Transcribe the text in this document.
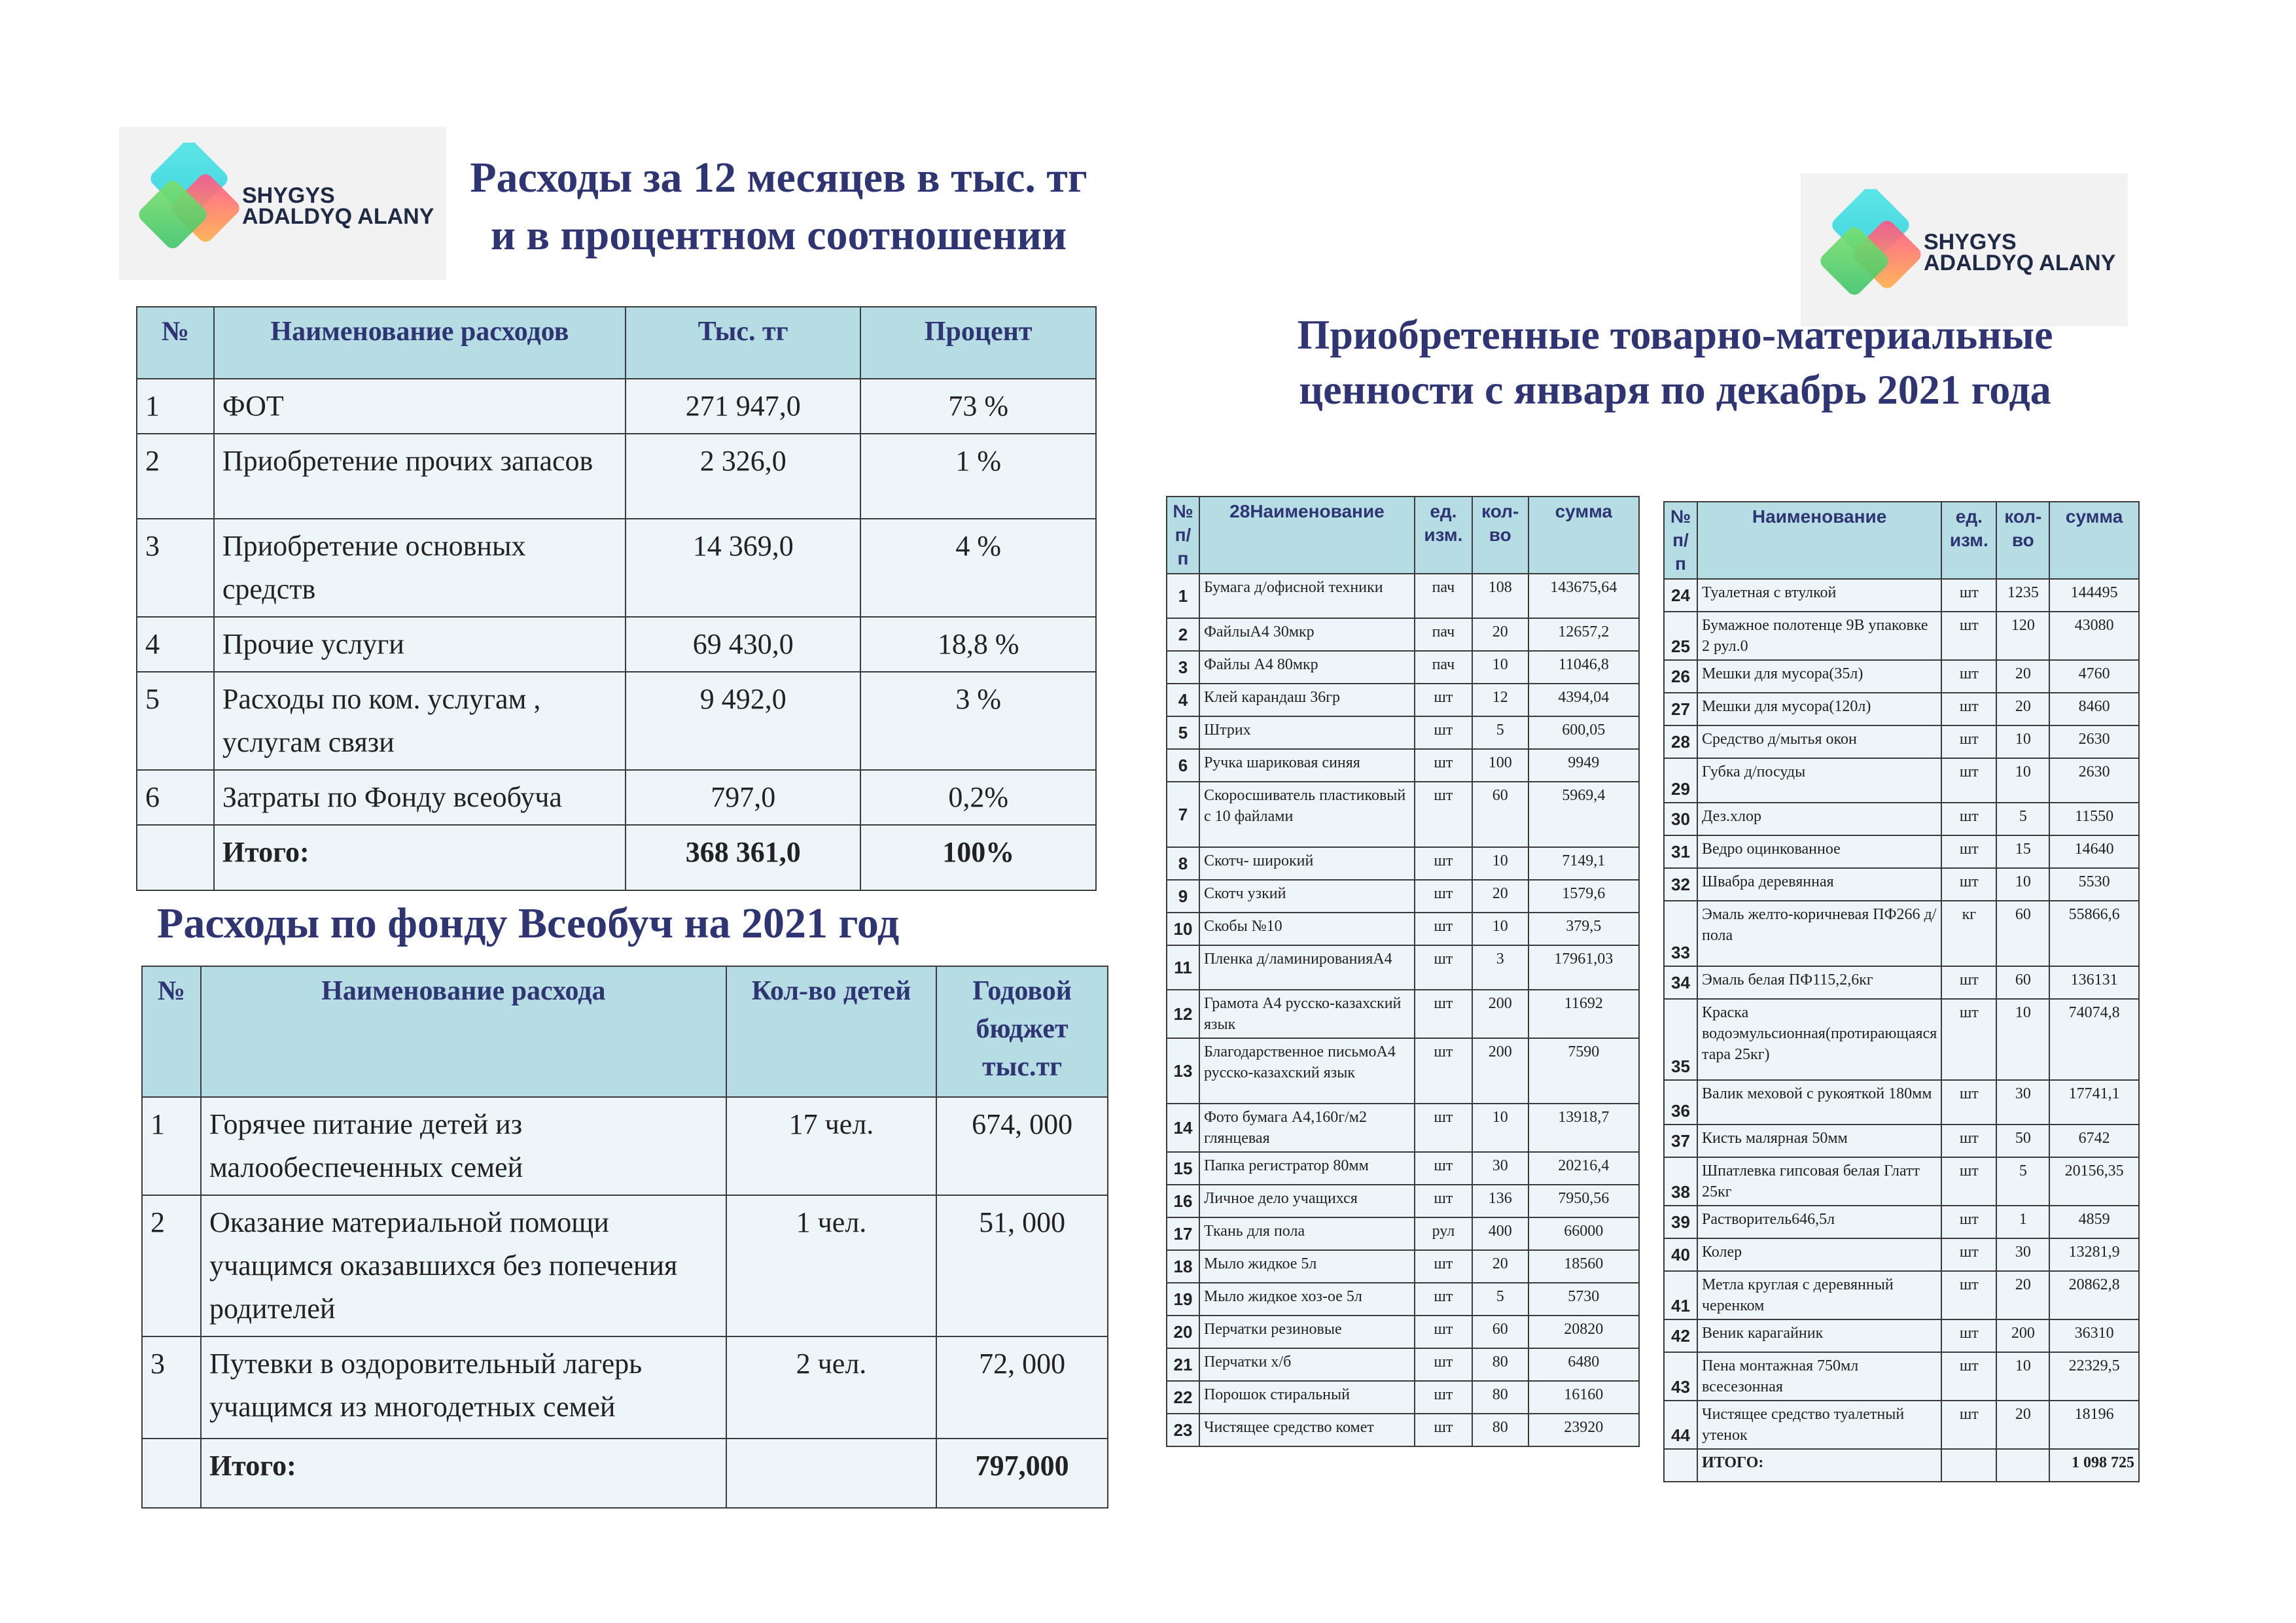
SHYGYS
ADALDYQ ALANY
SHYGYS
ADALDYQ ALANY
Расходы за 12 месяцев в тыс. тг
и в процентном соотношении
№	Наименование расходов	Тыс. тг	Процент
1	ФОТ	271 947,0	73 %
2	Приобретение прочих запасов	2 326,0	1 %
3	Приобретение основных средств	14 369,0	4 %
4	Прочие услуги	69 430,0	18,8 %
5	Расходы по ком. услугам , услугам связи	9 492,0	3 %
6	Затраты по Фонду всеобуча	797,0	0,2%
	Итого:	368 361,0	100%
Расходы по фонду Всеобуч на 2021 год
№	Наименование расхода	Кол-во детей	Годовой бюджет тыс.тг
1	Горячее питание детей из малообеспеченных семей	17 чел.	674, 000
2	Оказание материальной помощи учащимся оказавшихся без попечения родителей	1 чел.	51, 000
3	Путевки в оздоровительный лагерь учащимся из многодетных семей	2 чел.	72, 000
	Итого:		797,000
Приобретенные товарно-материальные
ценности с января по декабрь 2021 года
№ п/ п	28Наименование	ед. изм.	кол- во	сумма
1	Бумага д/офисной техники	пач	108	143675,64
2	ФайлыА4 30мкр	пач	20	12657,2
3	Файлы А4 80мкр	пач	10	11046,8
4	Клей карандаш 36гр	шт	12	4394,04
5	Штрих	шт	5	600,05
6	Ручка шариковая синяя	шт	100	9949
7	Скоросшиватель пластиковый с 10 файлами	шт	60	5969,4
8	Скотч- широкий	шт	10	7149,1
9	Скотч узкий	шт	20	1579,6
10	Скобы №10	шт	10	379,5
11	Пленка д/ламинированияА4	шт	3	17961,03
12	Грамота А4 русско-казахский язык	шт	200	11692
13	Благодарственное письмоА4 русско-казахский язык	шт	200	7590
14	Фото бумага А4,160г/м2 глянцевая	шт	10	13918,7
15	Папка регистратор 80мм	шт	30	20216,4
16	Личное дело учащихся	шт	136	7950,56
17	Ткань для пола	рул	400	66000
18	Мыло жидкое 5л	шт	20	18560
19	Мыло жидкое хоз-ое 5л	шт	5	5730
20	Перчатки резиновые	шт	60	20820
21	Перчатки х/б	шт	80	6480
22	Порошок стиральный	шт	80	16160
23	Чистящее средство комет	шт	80	23920
№ п/ п	Наименование	ед. изм.	кол- во	сумма
24	Туалетная с втулкой	шт	1235	144495
25	Бумажное полотенце 9В упаковке 2 рул.0	шт	120	43080
26	Мешки для мусора(35л)	шт	20	4760
27	Мешки для мусора(120л)	шт	20	8460
28	Средство д/мытья окон	шт	10	2630
29	Губка д/посуды	шт	10	2630
30	Дез.хлор	шт	5	11550
31	Ведро оцинкованное	шт	15	14640
32	Швабра деревянная	шт	10	5530
33	Эмаль желто-коричневая ПФ266 д/пола	кг	60	55866,6
34	Эмаль белая ПФ115,2,6кг	шт	60	136131
35	Краска водоэмульсионная(протирающаяся тара 25кг)	шт	10	74074,8
36	Валик меховой с рукояткой 180мм	шт	30	17741,1
37	Кисть малярная 50мм	шт	50	6742
38	Шпатлевка гипсовая белая Глатт 25кг	шт	5	20156,35
39	Растворитель646,5л	шт	1	4859
40	Колер	шт	30	13281,9
41	Метла круглая с деревянный черенком	шт	20	20862,8
42	Веник карагайник	шт	200	36310
43	Пена монтажная 750мл всесезонная	шт	10	22329,5
44	Чистящее средство туалетный утенок	шт	20	18196
	ИТОГО:			1 098 725
